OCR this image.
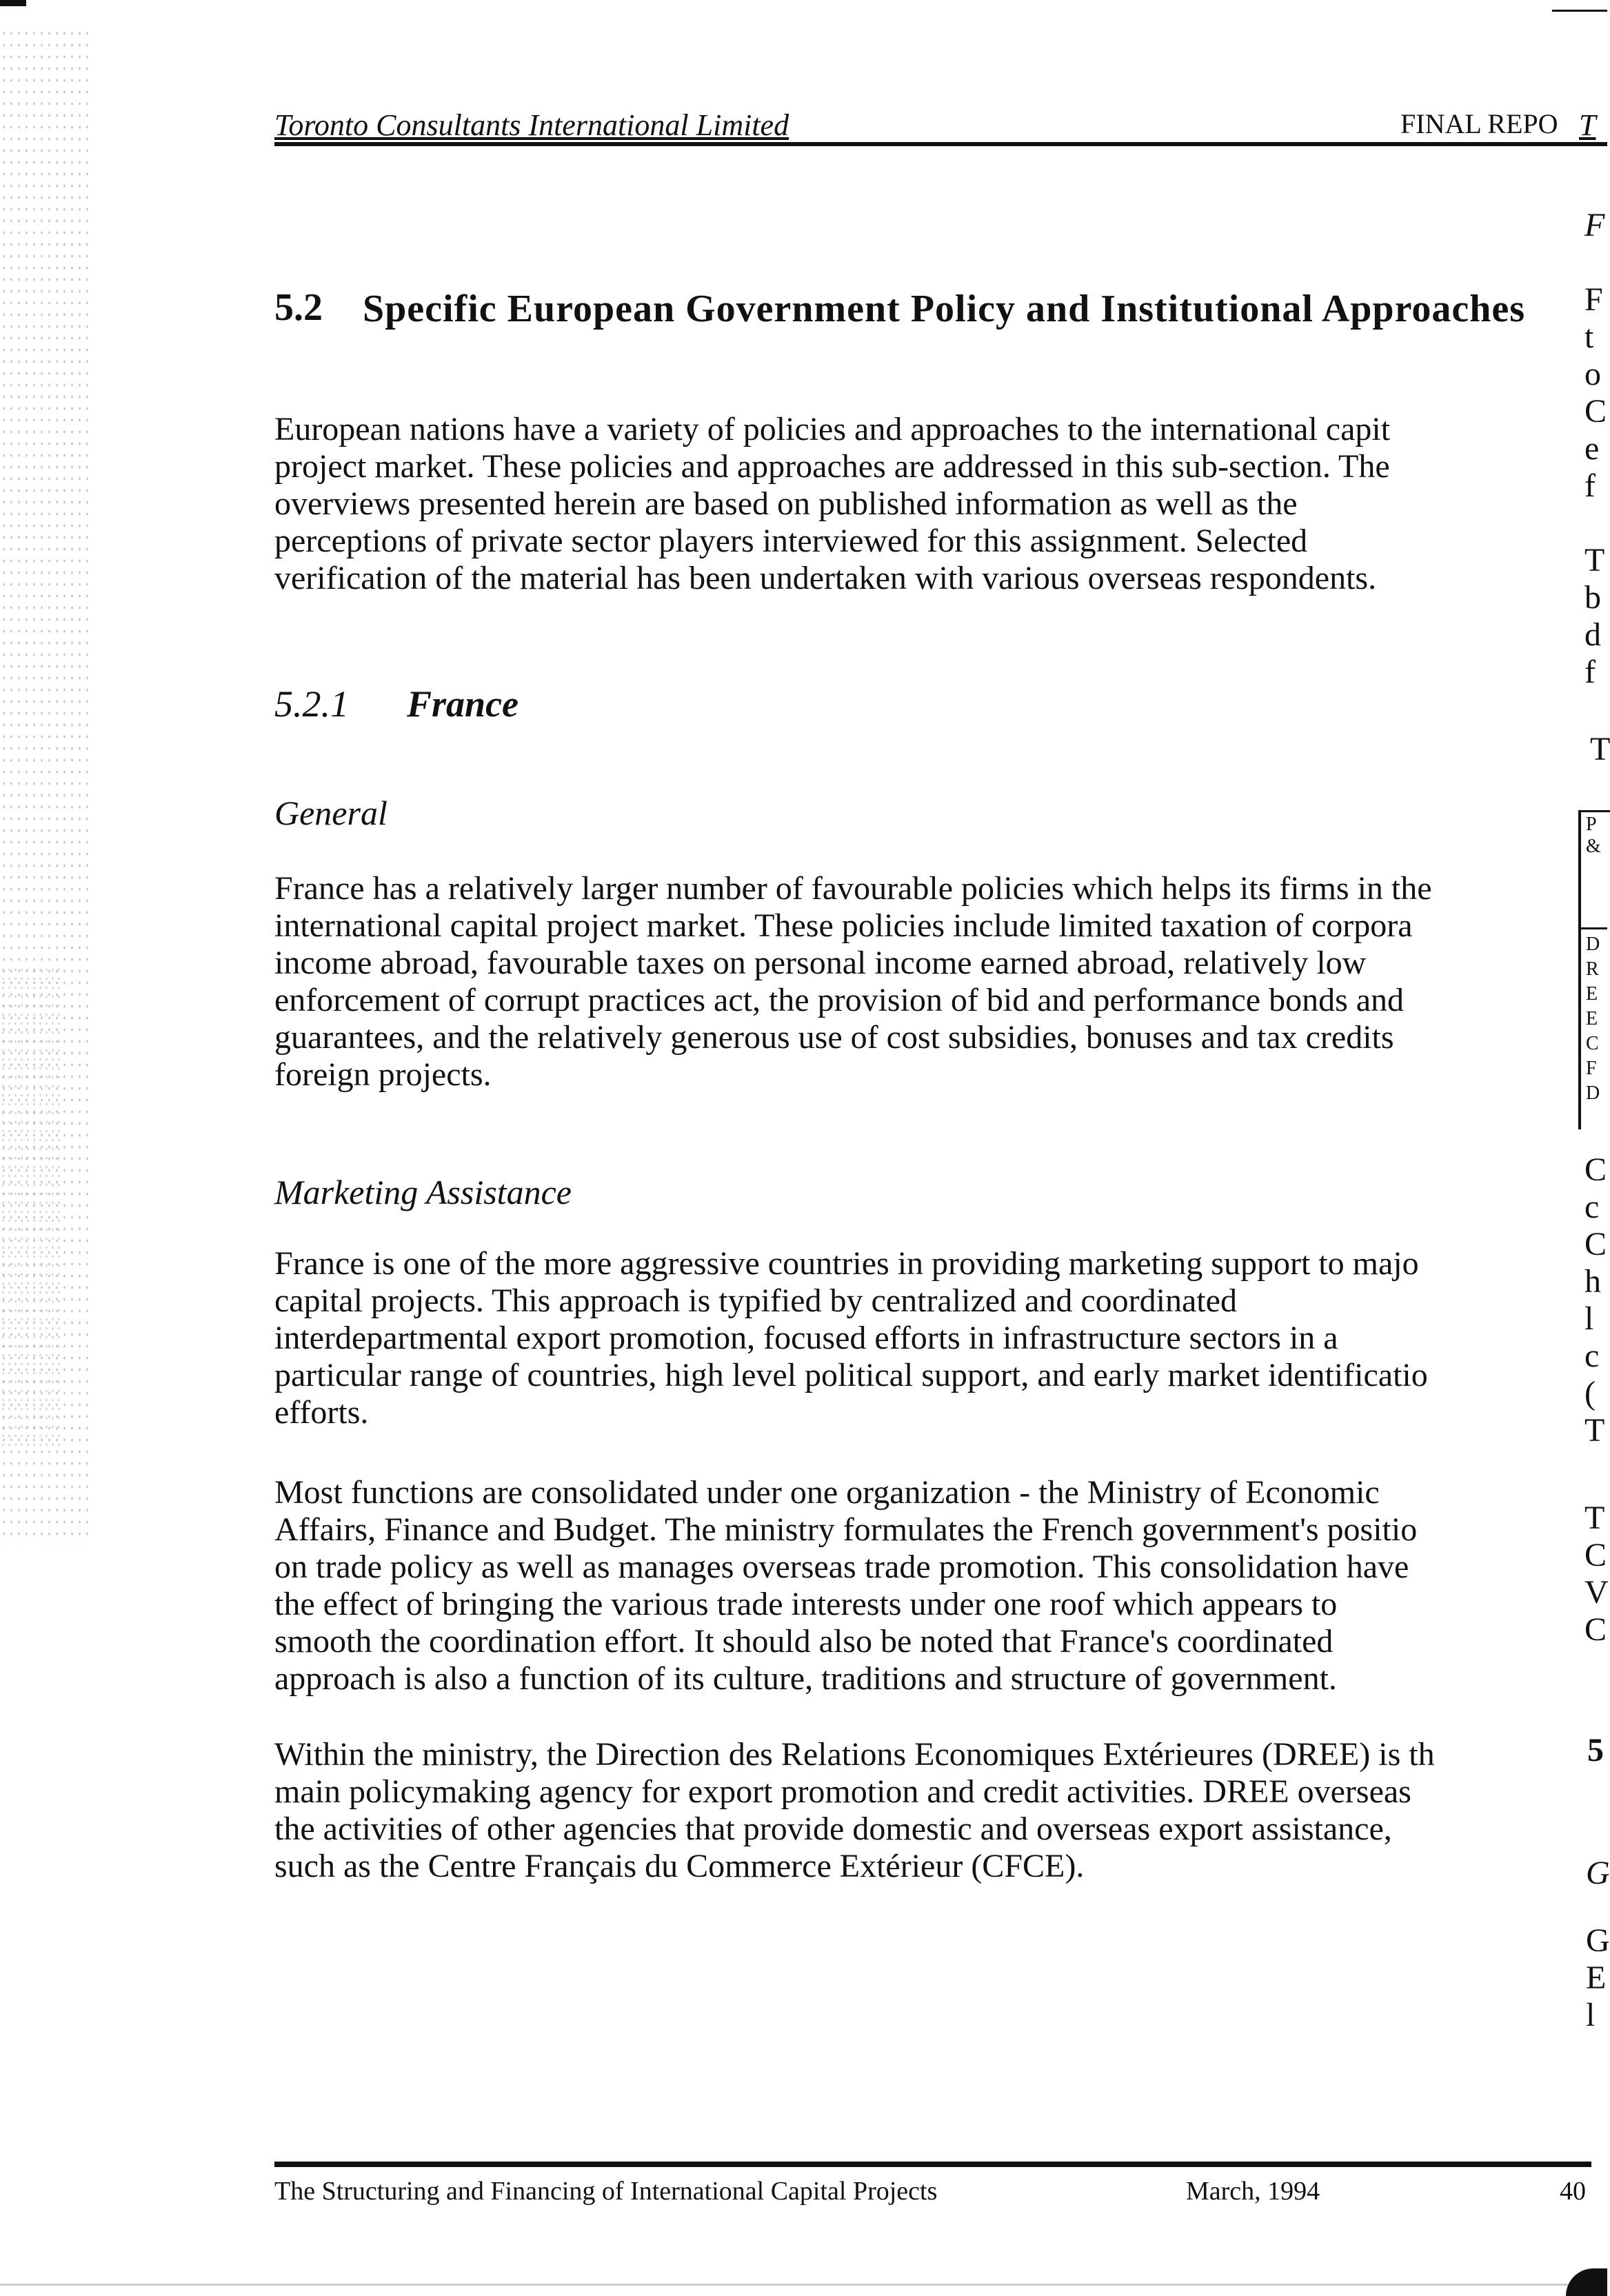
Toronto Consultants International Limited	FINAL REPO T
5.2 Specific European Government Policy and Institutional Approaches
European nations have a variety of policies and approaches to the international capit
project market. These policies and approaches are addressed in this sub-section. The
overviews presented herein are based on published information as well as the
perceptions of private sector players interviewed for this assignment. Selected
verification of the material has been undertaken with various overseas respondents.
5.2.1 France
General
France has a relatively larger number of favourable policies which helps its firms in the
international capital project market. These policies include limited taxation of corpora
income abroad, favourable taxes on personal income earned abroad, relatively low
enforcement of corrupt practices act, the provision of bid and performance bonds and
guarantees, and the relatively generous use of cost subsidies, bonuses and tax credits
foreign projects.
Marketing Assistance
France is one of the more aggressive countries in providing marketing support to majo
capital projects. This approach is typified by centralized and coordinated
interdepartmental export promotion, focused efforts in infrastructure sectors in a
particular range of countries, high level political support, and early market identificatio
efforts.
Most functions are consolidated under one organization - the Ministry of Economic
Affairs, Finance and Budget. The ministry formulates the French government's positio
on trade policy as well as manages overseas trade promotion. This consolidation have
the effect of bringing the various trade interests under one roof which appears to
smooth the coordination effort. It should also be noted that France's coordinated
approach is also a function of its culture, traditions and structure of government.
Within the ministry, the Direction des Relations Economiques Extérieures (DREE) is th
main policymaking agency for export promotion and credit activities. DREE overseas
the activities of other agencies that provide domestic and overseas export assistance,
such as the Centre Français du Commerce Extérieur (CFCE).
F
F
t
o
C
e
f
T
b
d
f
T
P
&
D
R
E
E
C
F
D
C
c
C
h
l
c
(
T
T
C
V
C
5
G
G
E
l
The Structuring and Financing of International Capital Projects	March, 1994	40
